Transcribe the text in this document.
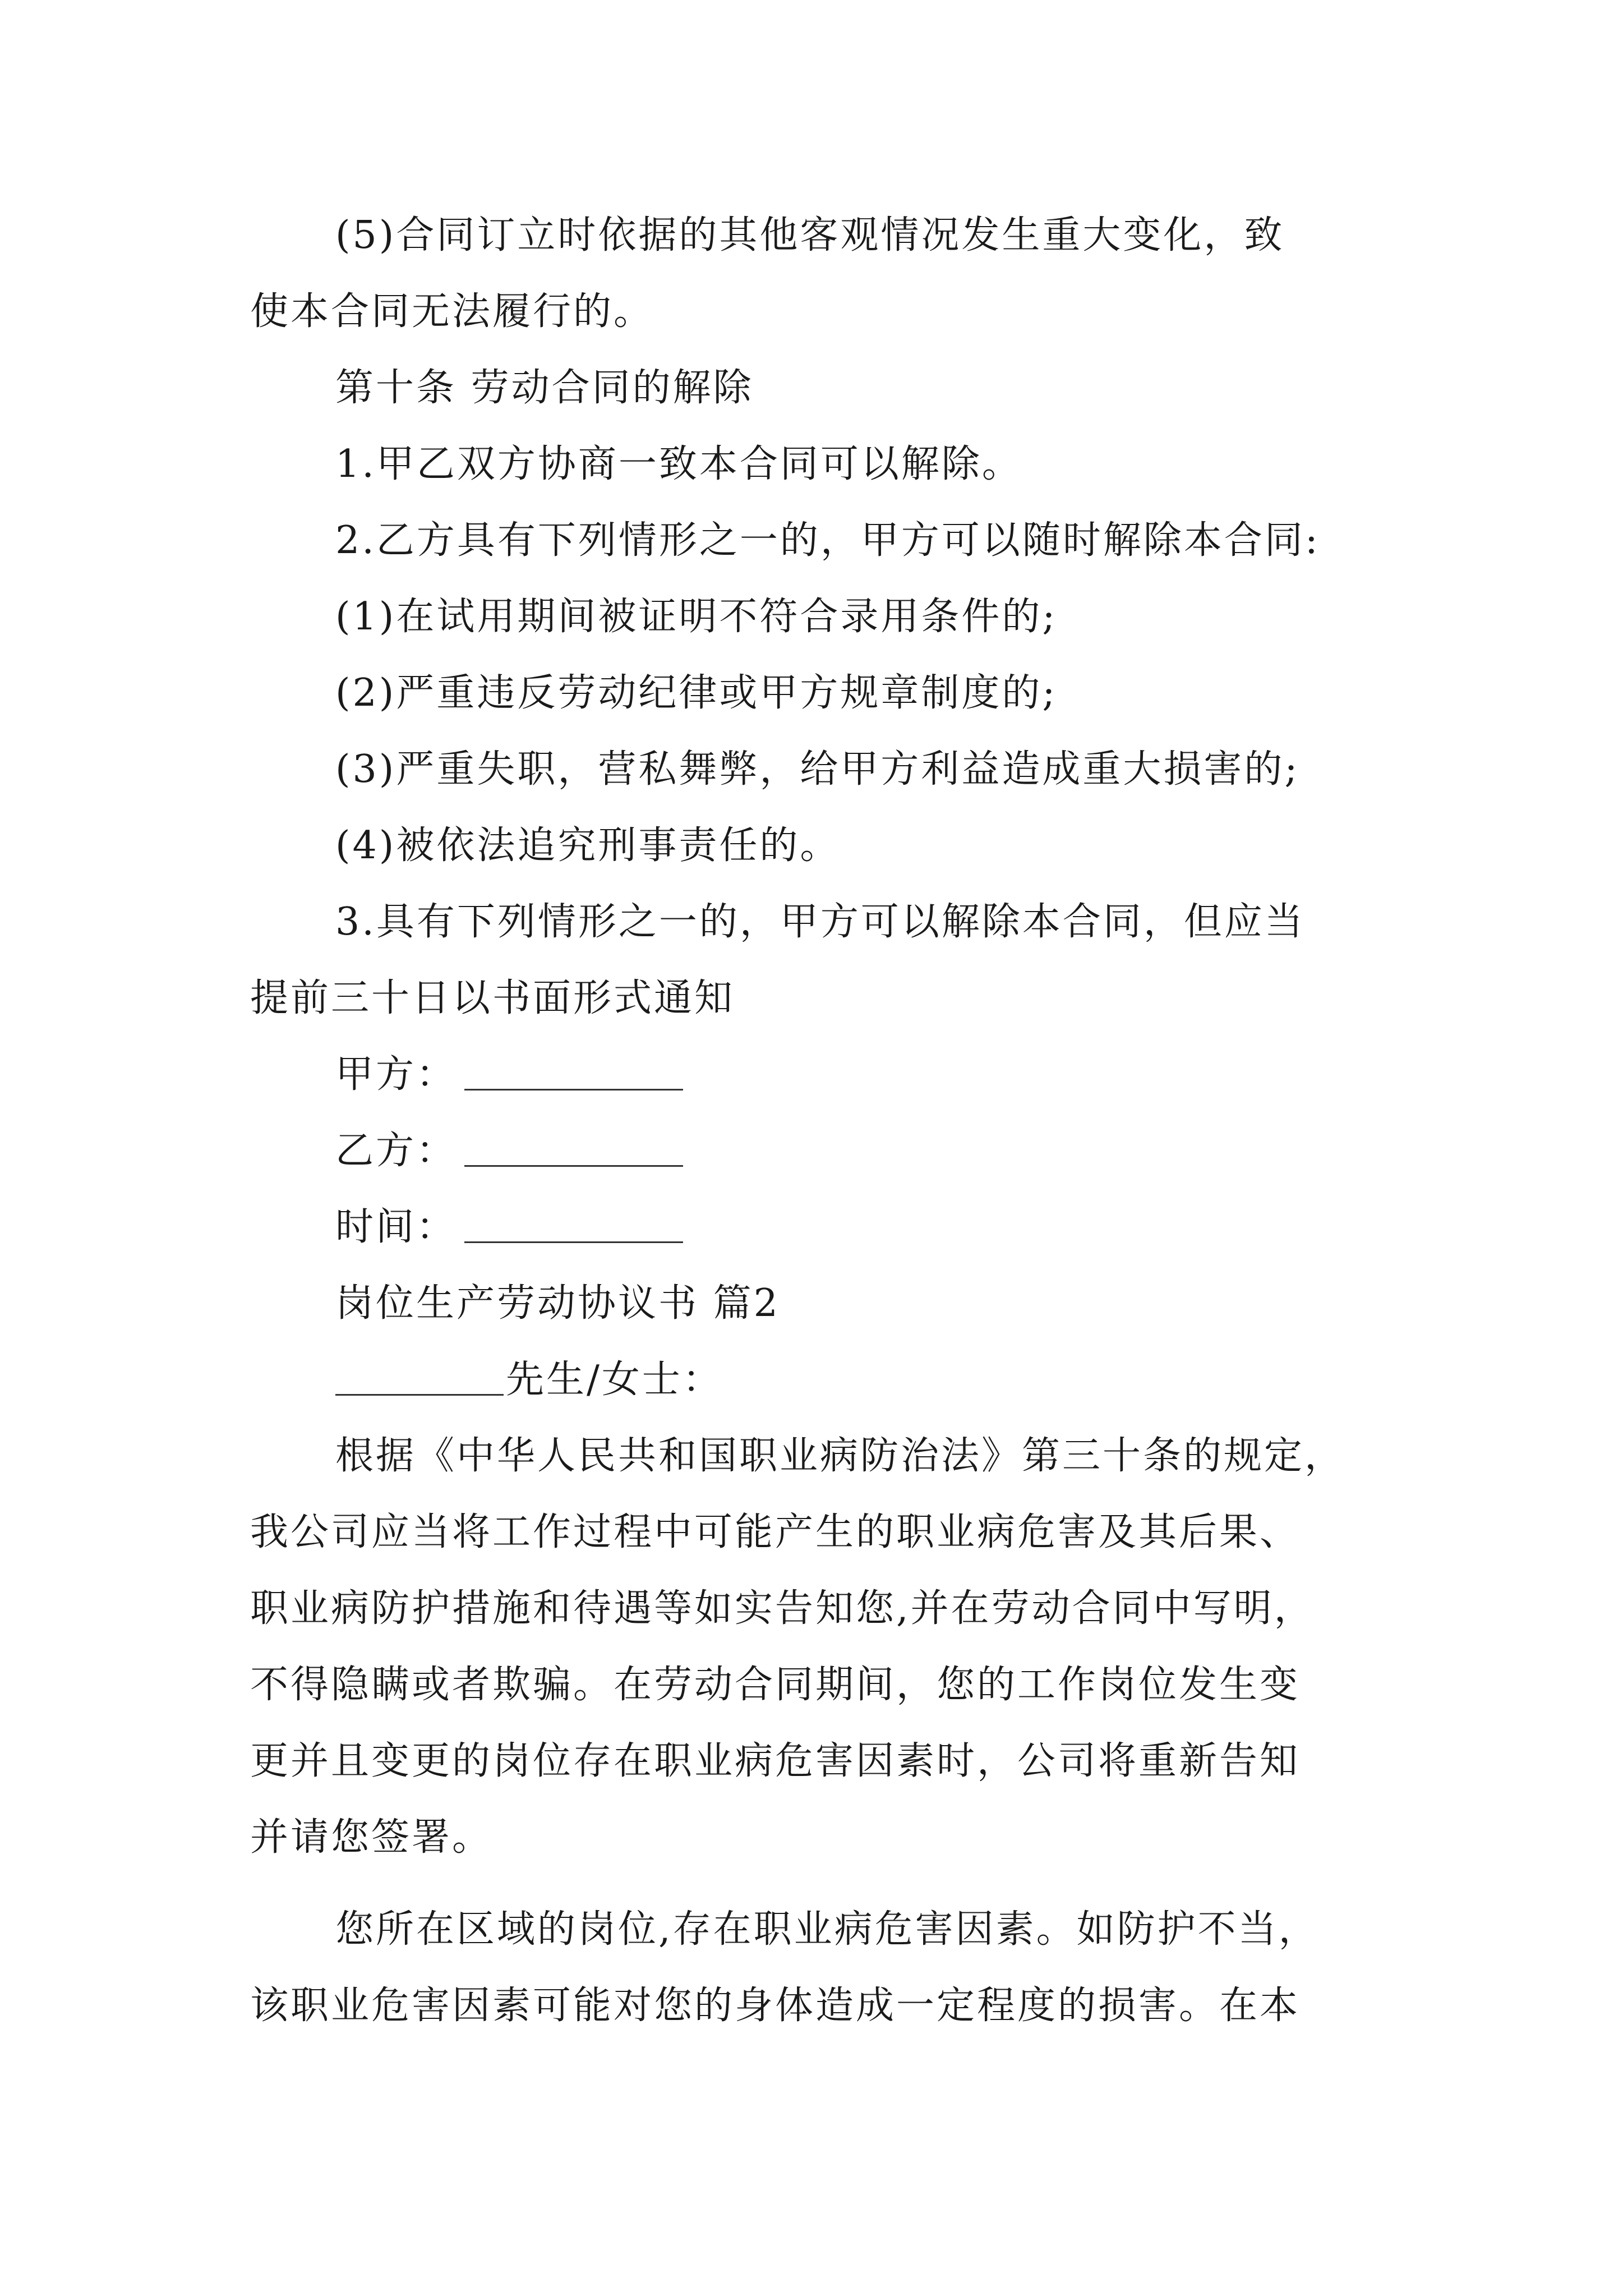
(5)合同订立时依据的其他客观情况发生重大变化，致
使本合同无法履行的。
第十条 劳动合同的解除
1.甲乙双方协商一致本合同可以解除。
2.乙方具有下列情形之一的，甲方可以随时解除本合同:
(1)在试用期间被证明不符合录用条件的;
(2)严重违反劳动纪律或甲方规章制度的;
(3)严重失职，营私舞弊，给甲方利益造成重大损害的;
(4)被依法追究刑事责任的。
3.具有下列情形之一的，甲方可以解除本合同，但应当
提前三十日以书面形式通知
甲方：
乙方：
时间：
岗位生产劳动协议书 篇2
先生/女士：
根据《中华人民共和国职业病防治法》第三十条的规定，
我公司应当将工作过程中可能产生的职业病危害及其后果、
职业病防护措施和待遇等如实告知您,并在劳动合同中写明，
不得隐瞒或者欺骗。在劳动合同期间，您的工作岗位发生变
更并且变更的岗位存在职业病危害因素时，公司将重新告知
并请您签署。
您所在区域的岗位,存在职业病危害因素。如防护不当，
该职业危害因素可能对您的身体造成一定程度的损害。在本
